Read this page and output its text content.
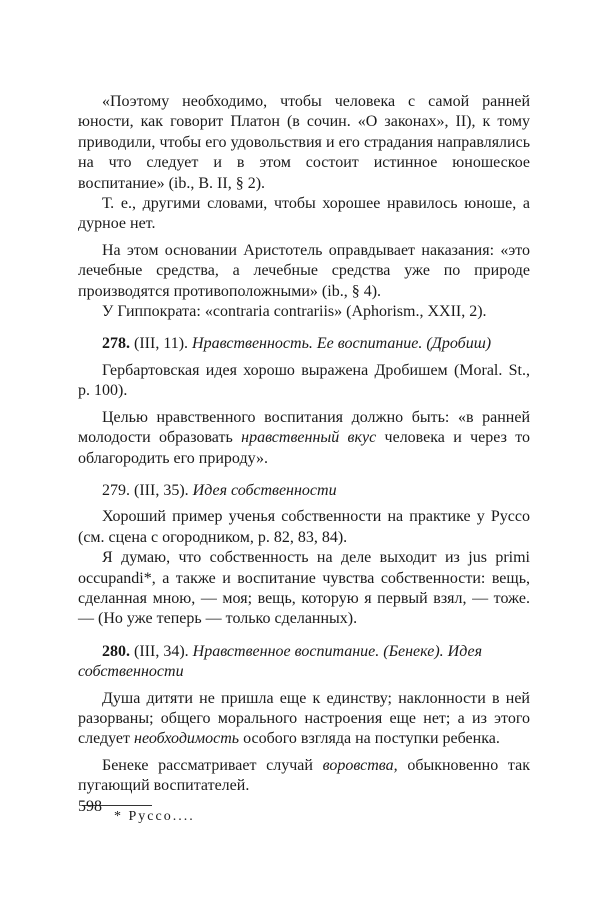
«Поэтому необходимо, чтобы человека с самой ранней юности, как говорит Платон (в сочин. «О законах», II), к тому приводили, чтобы его удовольствия и его страдания направлялись на что следует и в этом состоит истинное юношеское воспитание» (ib., B. II, § 2).

Т. е., другими словами, чтобы хорошее нравилось юноше, а дурное нет.

На этом основании Аристотель оправдывает наказания: «это лечебные средства, а лечебные средства уже по природе производятся противоположными» (ib., § 4).

У Гиппократа: «contraria contrariis» (Aphorism., XXII, 2).

278. (III, 11). Нравственность. Ее воспитание. (Дробиш)

Гербартовская идея хорошо выражена Дробишем (Moral. St., p. 100).

Целью нравственного воспитания должно быть: «в ранней молодости образовать нравственный вкус человека и через то облагородить его природу».

279. (III, 35). Идея собственности

Хороший пример ученья собственности на практике у Руссо (см. сцена с огородником, p. 82, 83, 84).

Я думаю, что собственность на деле выходит из jus primi occupandi*, а также и воспитание чувства собственности: вещь, сделанная мною, — моя; вещь, которую я первый взял, — тоже. — (Но уже теперь — только сделанных).

280. (III, 34). Нравственное воспитание. (Бенеке). Идея собственности

Душа дитяти не пришла еще к единству; наклонности в ней разорваны; общего морального настроения еще нет; а из этого следует необходимость особого взгляда на поступки ребенка.

Бенеке рассматривает случай воровства, обыкновенно так пугающий воспитателей.

* Руссо....
598
